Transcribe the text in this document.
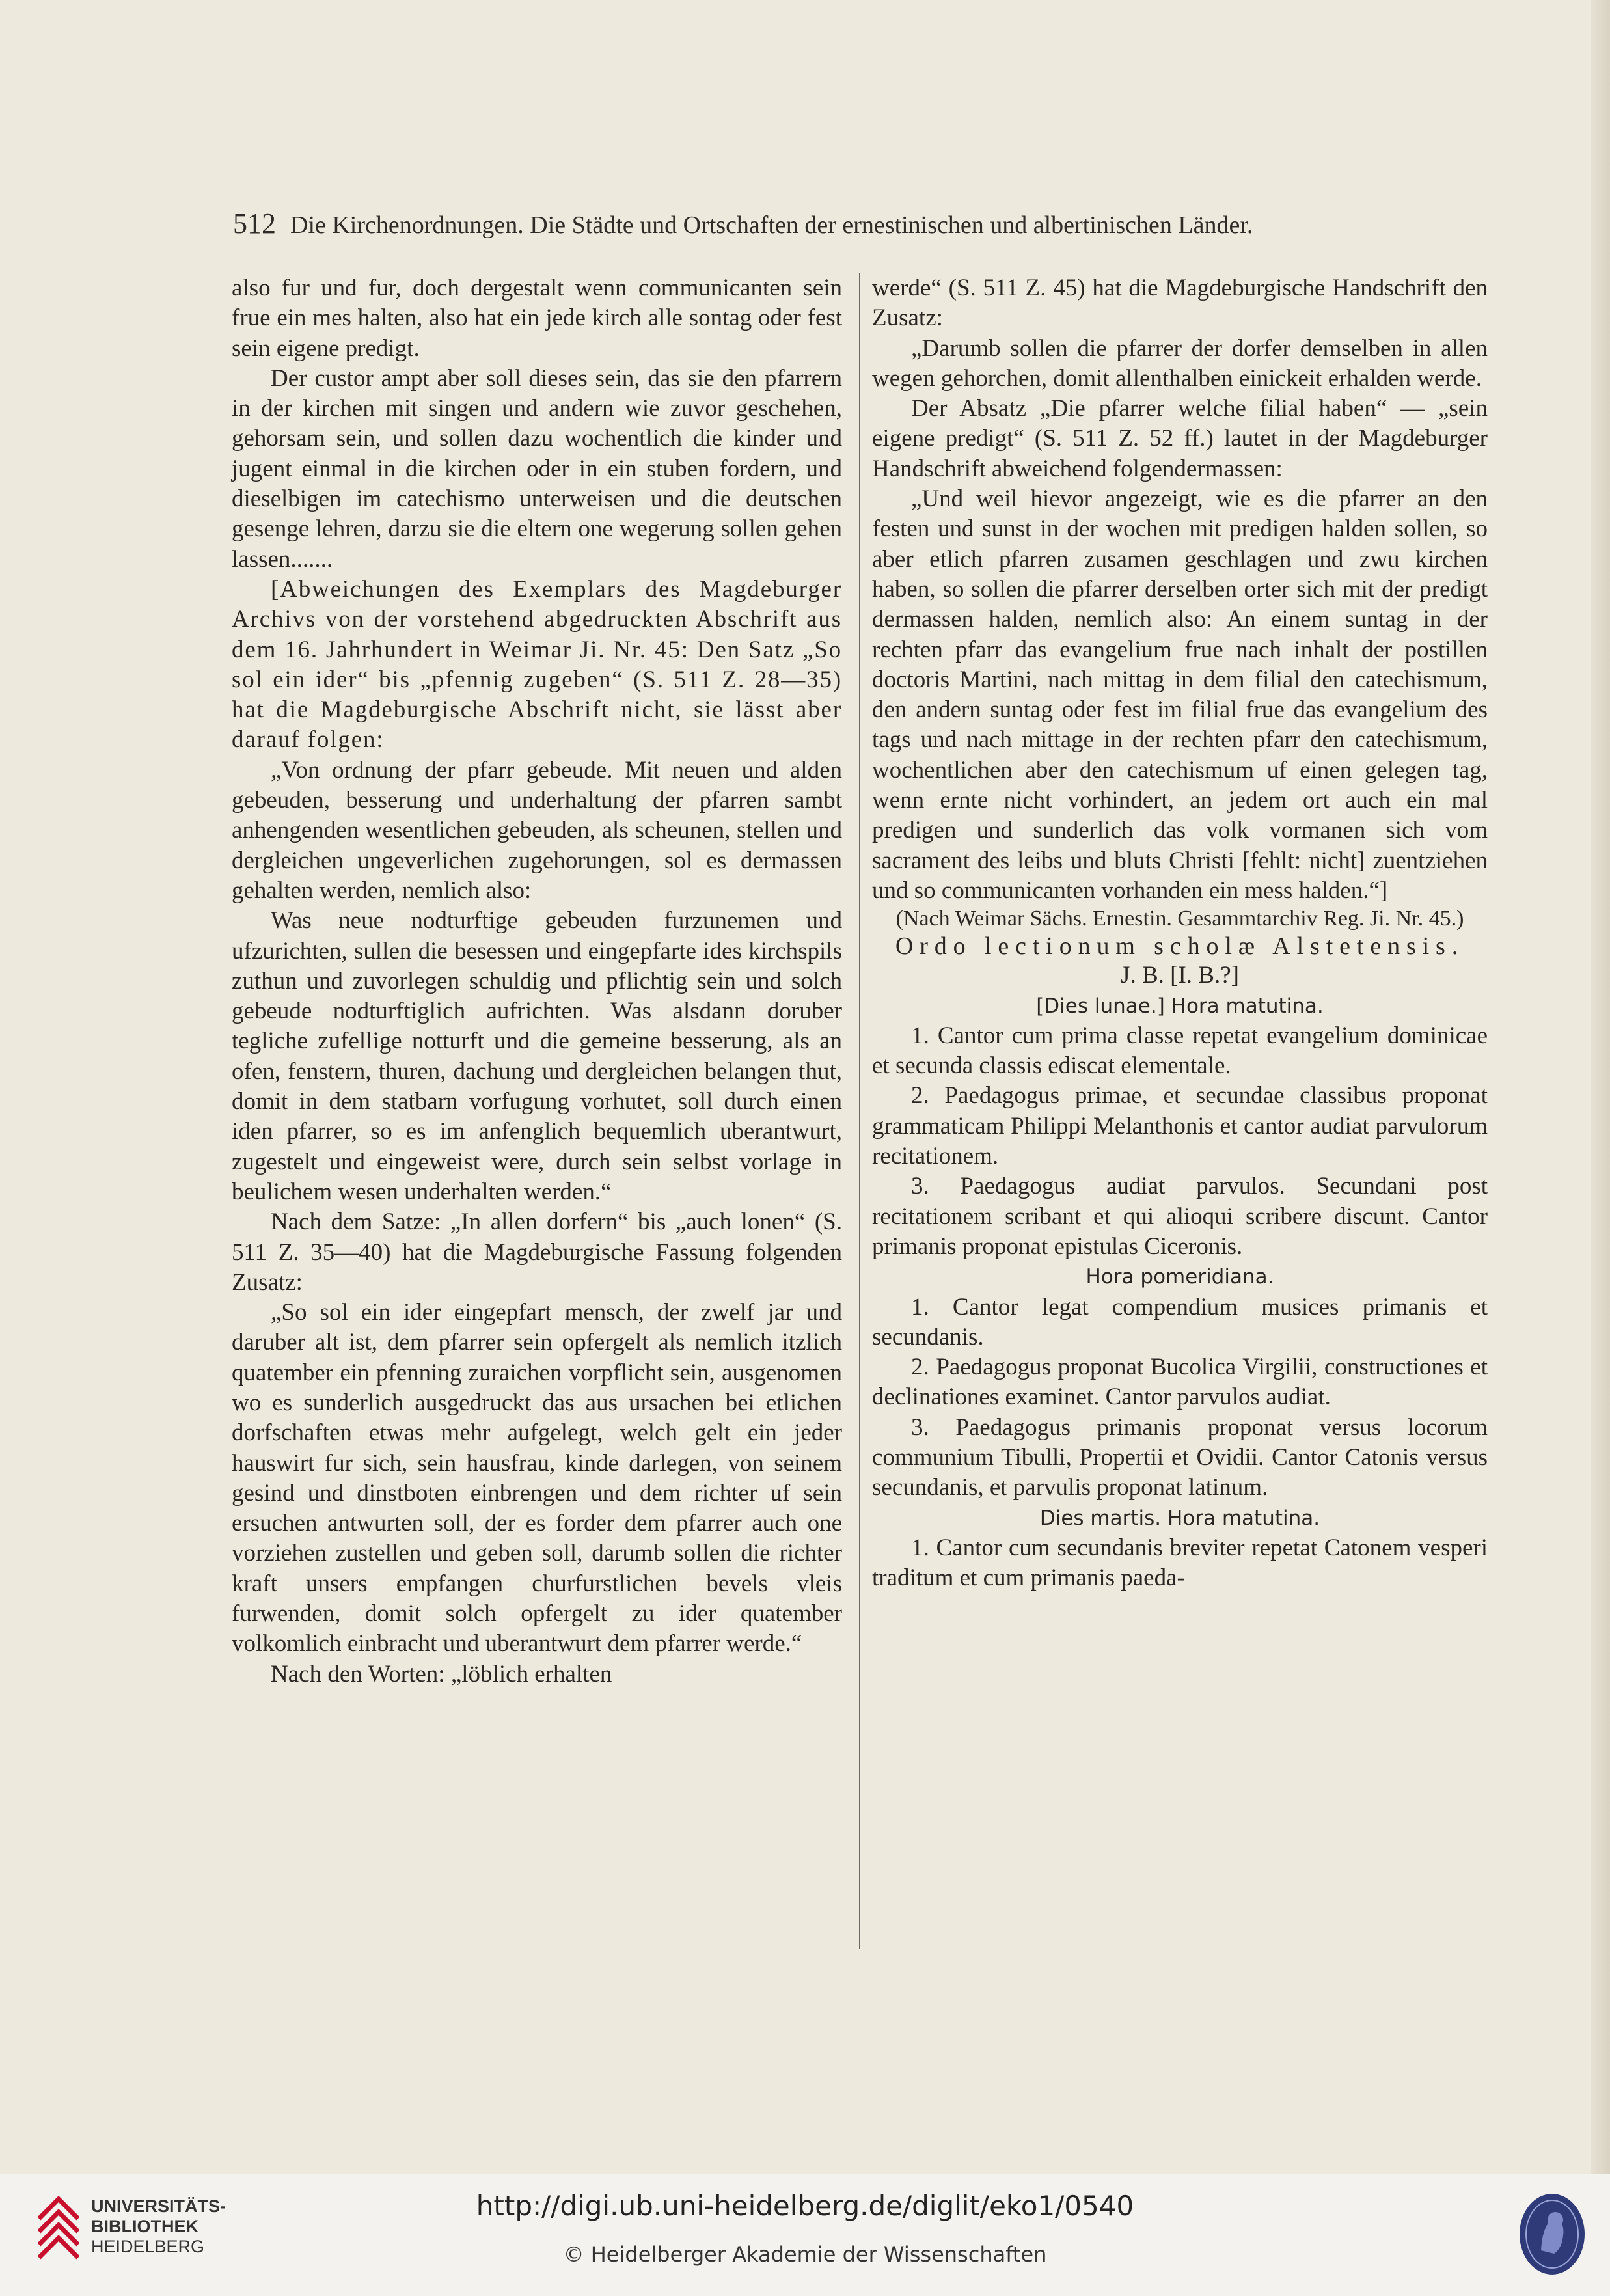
512 Die Kirchenordnungen. Die Städte und Ortschaften der ernestinischen und albertinischen Länder.

also fur und fur, doch dergestalt wenn communicanten sein frue ein mes halten, also hat ein jede kirch alle sontag oder fest sein eigene predigt.

Der custor ampt aber soll dieses sein, das sie den pfarrern in der kirchen mit singen und andern wie zuvor geschehen, gehorsam sein, und sollen dazu wochentlich die kinder und jugent einmal in die kirchen oder in ein stuben fordern, und dieselbigen im catechismo unterweisen und die deutschen gesenge lehren, darzu sie die eltern one wegerung sollen gehen lassen.......

[Abweichungen des Exemplars des Magdeburger Archivs von der vorstehend abgedruckten Abschrift aus dem 16. Jahrhundert in Weimar Ji. Nr. 45: Den Satz „So sol ein ider“ bis „pfennig zugeben“ (S. 511 Z. 28—35) hat die Magdeburgische Abschrift nicht, sie lässt aber darauf folgen:

„Von ordnung der pfarr gebeude. Mit neuen und alden gebeuden, besserung und underhaltung der pfarren sambt anhengenden wesentlichen gebeuden, als scheunen, stellen und dergleichen ungeverlichen zugehorungen, sol es dermassen gehalten werden, nemlich also:

Was neue nodturftige gebeuden furzunemen und ufzurichten, sullen die besessen und eingepfarte ides kirchspils zuthun und zuvorlegen schuldig und pflichtig sein und solch gebeude nodturftiglich aufrichten. Was alsdann doruber tegliche zufellige notturft und die gemeine besserung, als an ofen, fenstern, thuren, dachung und dergleichen belangen thut, domit in dem statbarn vorfugung vorhutet, soll durch einen iden pfarrer, so es im anfenglich bequemlich uberantwurt, zugestelt und eingeweist were, durch sein selbst vorlage in beulichem wesen underhalten werden.“

Nach dem Satze: „In allen dorfern“ bis „auch lonen“ (S. 511 Z. 35—40) hat die Magdeburgische Fassung folgenden Zusatz:

„So sol ein ider eingepfart mensch, der zwelf jar und daruber alt ist, dem pfarrer sein opfergelt als nemlich itzlich quatember ein pfenning zuraichen vorpflicht sein, ausgenomen wo es sunderlich ausgedruckt das aus ursachen bei etlichen dorfschaften etwas mehr aufgelegt, welch gelt ein jeder hauswirt fur sich, sein hausfrau, kinde darlegen, von seinem gesind und dinstboten einbrengen und dem richter uf sein ersuchen antwurten soll, der es forder dem pfarrer auch one vorziehen zustellen und geben soll, darumb sollen die richter kraft unsers empfangen churfurstlichen bevels vleis furwenden, domit solch opfergelt zu ider quatember volkomlich einbracht und uberantwurt dem pfarrer werde.“

Nach den Worten: „löblich erhalten

werde“ (S. 511 Z. 45) hat die Magdeburgische Handschrift den Zusatz:

„Darumb sollen die pfarrer der dorfer demselben in allen wegen gehorchen, domit allenthalben einickeit erhalden werde.

Der Absatz „Die pfarrer welche filial haben“ — „sein eigene predigt“ (S. 511 Z. 52 ff.) lautet in der Magdeburger Handschrift abweichend folgendermassen:

„Und weil hievor angezeigt, wie es die pfarrer an den festen und sunst in der wochen mit predigen halden sollen, so aber etlich pfarren zusamen geschlagen und zwu kirchen haben, so sollen die pfarrer derselben orter sich mit der predigt dermassen halden, nemlich also: An einem suntag in der rechten pfarr das evangelium frue nach inhalt der postillen doctoris Martini, nach mittag in dem filial den catechismum, den andern suntag oder fest im filial frue das evangelium des tags und nach mittage in der rechten pfarr den catechismum, wochentlichen aber den catechismum uf einen gelegen tag, wenn ernte nicht vorhindert, an jedem ort auch ein mal predigen und sunderlich das volk vormanen sich vom sacrament des leibs und bluts Christi [fehlt: nicht] zuentziehen und so communicanten vorhanden ein mess halden.“]

(Nach Weimar Sächs. Ernestin. Gesammtarchiv Reg. Ji. Nr. 45.)

Ordo lectionum scholæ Alstetensis.

J. B. [I. B.?]

[Dies lunae.] Hora matutina.

1. Cantor cum prima classe repetat evangelium dominicae et secunda classis ediscat elementale.

2. Paedagogus primae, et secundae classibus proponat grammaticam Philippi Melanthonis et cantor audiat parvulorum recitationem.

3. Paedagogus audiat parvulos. Secundani post recitationem scribant et qui alioqui scribere discunt. Cantor primanis proponat epistulas Ciceronis.

Hora pomeridiana.

1. Cantor legat compendium musices primanis et secundanis.

2. Paedagogus proponat Bucolica Virgilii, constructiones et declinationes examinet. Cantor parvulos audiat.

3. Paedagogus primanis proponat versus locorum communium Tibulli, Propertii et Ovidii. Cantor Catonis versus secundanis, et parvulis proponat latinum.

Dies martis. Hora matutina.

1. Cantor cum secundanis breviter repetat Catonem vesperi traditum et cum primanis paeda-

UNIVERSITÄTS-
BIBLIOTHEK
HEIDELBERG
http://digi.ub.uni-heidelberg.de/diglit/eko1/0540
© Heidelberger Akademie der Wissenschaften
